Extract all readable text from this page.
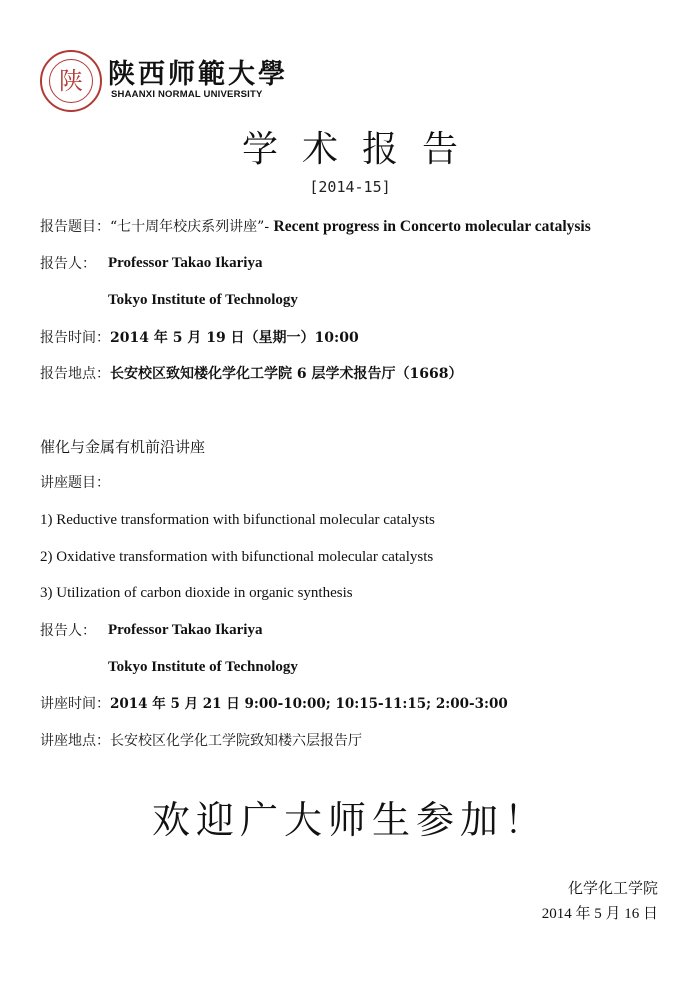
陕 陕西师範大學
SHAANXI NORMAL UNIVERSITY
学术报告
[2014-15]
报告题目：“七十周年校庆系列讲座”- Recent progress in Concerto molecular catalysis
报告人： Professor Takao Ikariya
Tokyo Institute of Technology
报告时间：2014 年 5 月 19 日（星期一）10:00
报告地点：长安校区致知楼化学化工学院 6 层学术报告厅（1668）
催化与金属有机前沿讲座
讲座题目：
1) Reductive transformation with bifunctional molecular catalysts
2) Oxidative transformation with bifunctional molecular catalysts
3) Utilization of carbon dioxide in organic synthesis
报告人： Professor Takao Ikariya
Tokyo Institute of Technology
讲座时间：2014 年 5 月 21 日 9:00-10:00; 10:15-11:15; 2:00-3:00
讲座地点：长安校区化学化工学院致知楼六层报告厅
欢迎广大师生参加！
化学化工学院
2014 年 5 月 16 日
